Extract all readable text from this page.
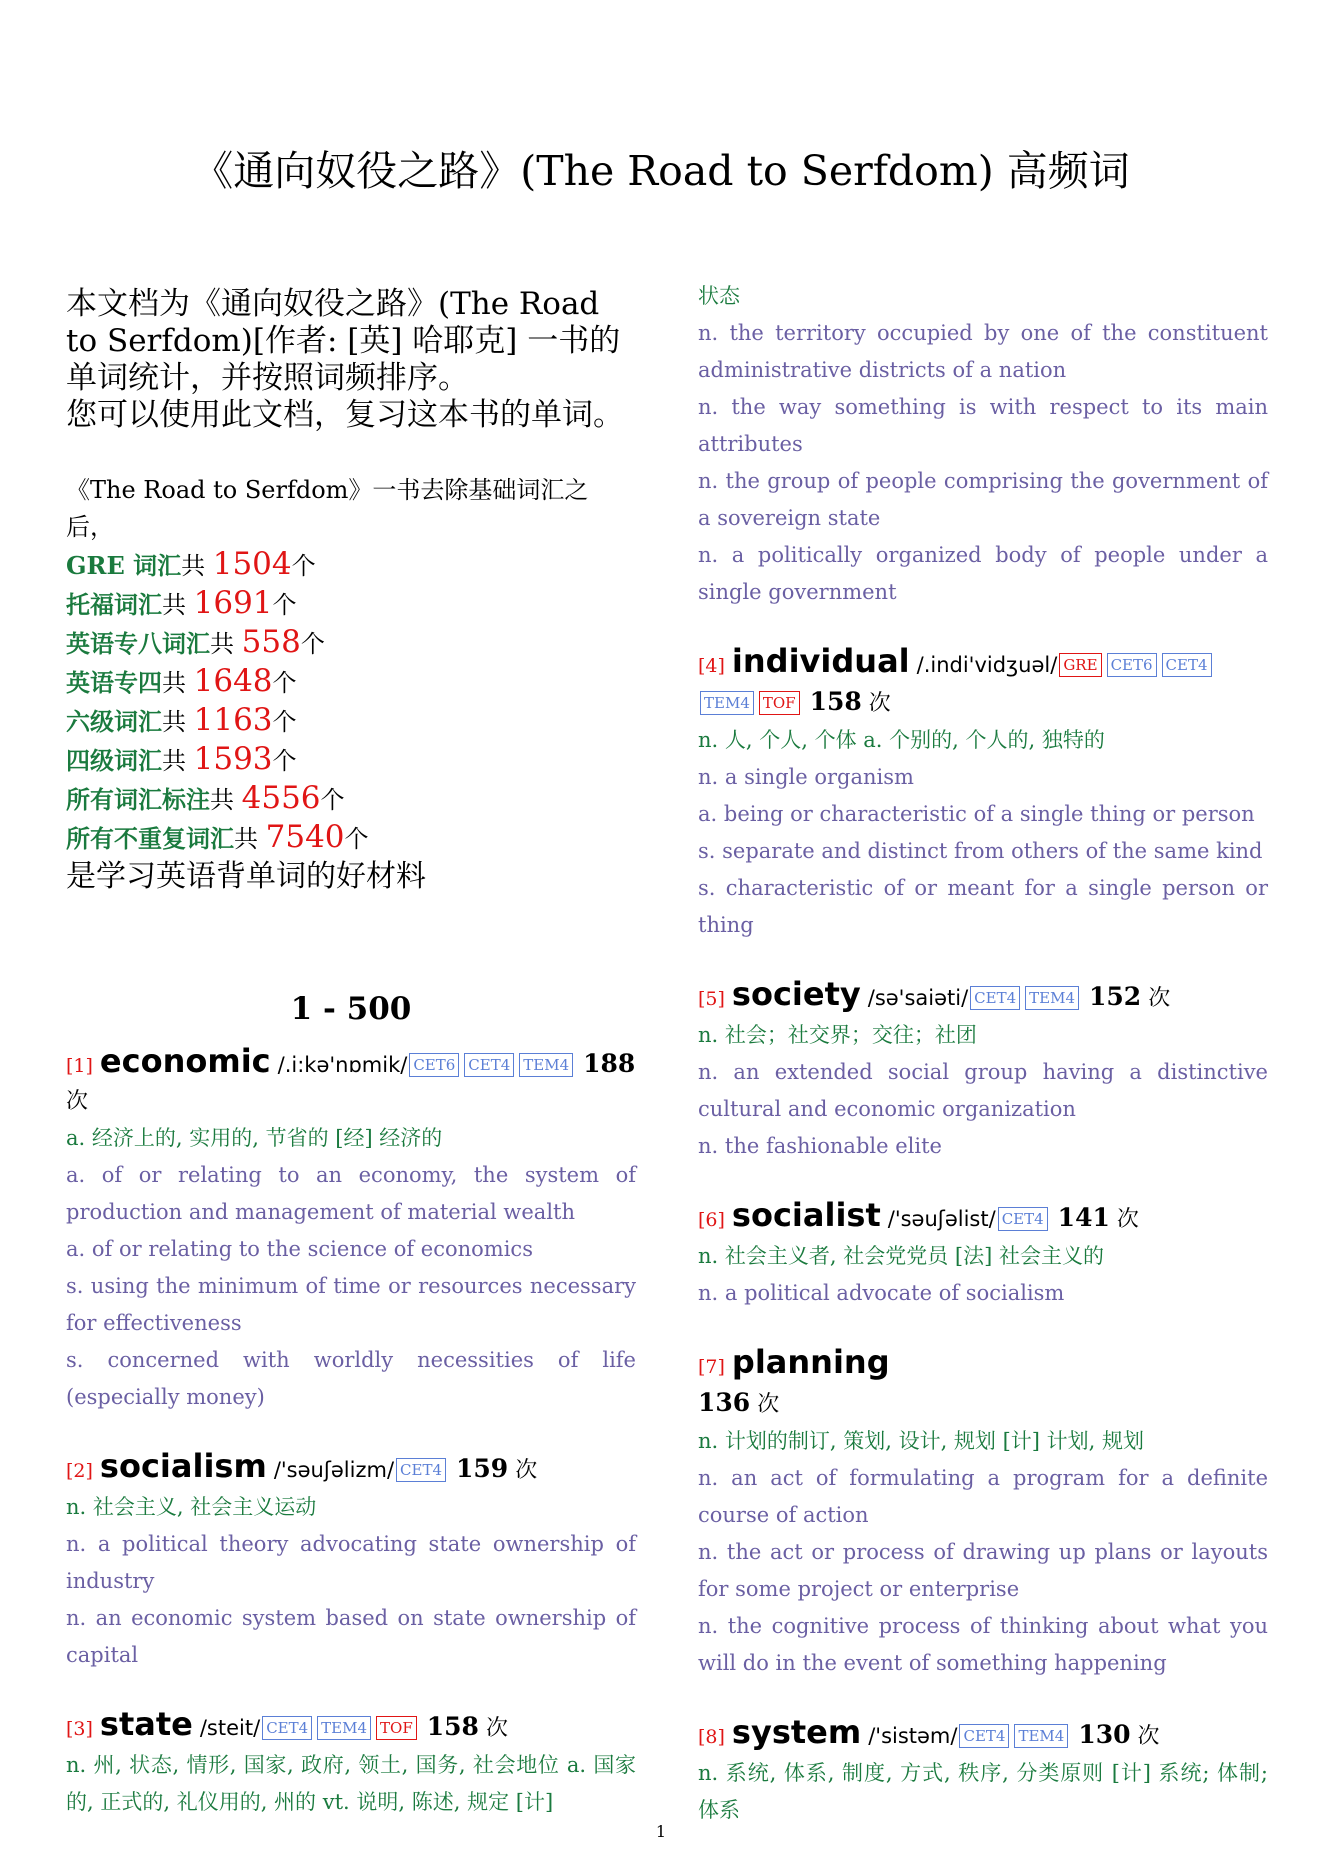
《通向奴役之路》(The Road to Serfdom) 高频词

本文档为《通向奴役之路》(The Road to Serfdom)[作者: [英] 哈耶克] 一书的单词统计，并按照词频排序。

您可以使用此文档，复习这本书的单词。

《The Road to Serfdom》一书去除基础词汇之后，

GRE 词汇共 1504个

托福词汇共 1691个

英语专八词汇共 558个

英语专四共 1648个

六级词汇共 1163个

四级词汇共 1593个

所有词汇标注共 4556个

所有不重复词汇共 7540个

是学习英语背单词的好材料

1 - 500

[1] economic /.i:kə'nɒmik/ CET6 CET4 TEM4 188 次

a. 经济上的, 实用的, 节省的 [经] 经济的

a. of or relating to an economy, the system of production and management of material wealth

a. of or relating to the science of economics

s. using the minimum of time or resources necessary for effectiveness

s. concerned with worldly necessities of life (especially money)

[2] socialism /'səuʃəlizm/ CET4 159 次

n. 社会主义, 社会主义运动

n. a political theory advocating state ownership of industry

n. an economic system based on state ownership of capital

[3] state /steit/ CET4 TEM4 TOF 158 次

n. 州, 状态, 情形, 国家, 政府, 领土, 国务, 社会地位 a. 国家的, 正式的, 礼仪用的, 州的 vt. 说明, 陈述, 规定 [计]

状态

n. the territory occupied by one of the constituent administrative districts of a nation

n. the way something is with respect to its main attributes

n. the group of people comprising the government of a sovereign state

n. a politically organized body of people under a single government

[4] individual /.indi'vidʒuəl/ GRE CET6 CET4TEM4 TOF 158 次

n. 人, 个人, 个体 a. 个别的, 个人的, 独特的

n. a single organism

a. being or characteristic of a single thing or person

s. separate and distinct from others of the same kind

s. characteristic of or meant for a single person or thing

[5] society /sə'saiəti/ CET4 TEM4 152 次

n. 社会；社交界；交往；社团

n. an extended social group having a distinctive cultural and economic organization

n. the fashionable elite

[6] socialist /'səuʃəlist/ CET4 141 次

n. 社会主义者, 社会党党员 [法] 社会主义的

n. a political advocate of socialism

[7] planning
136 次

n. 计划的制订, 策划, 设计, 规划 [计] 计划, 规划

n. an act of formulating a program for a definite course of action

n. the act or process of drawing up plans or layouts for some project or enterprise

n. the cognitive process of thinking about what you will do in the event of something happening

[8] system /'sistəm/ CET4 TEM4 130 次

n. 系统, 体系, 制度, 方式, 秩序, 分类原则 [计] 系统; 体制; 体系

1
